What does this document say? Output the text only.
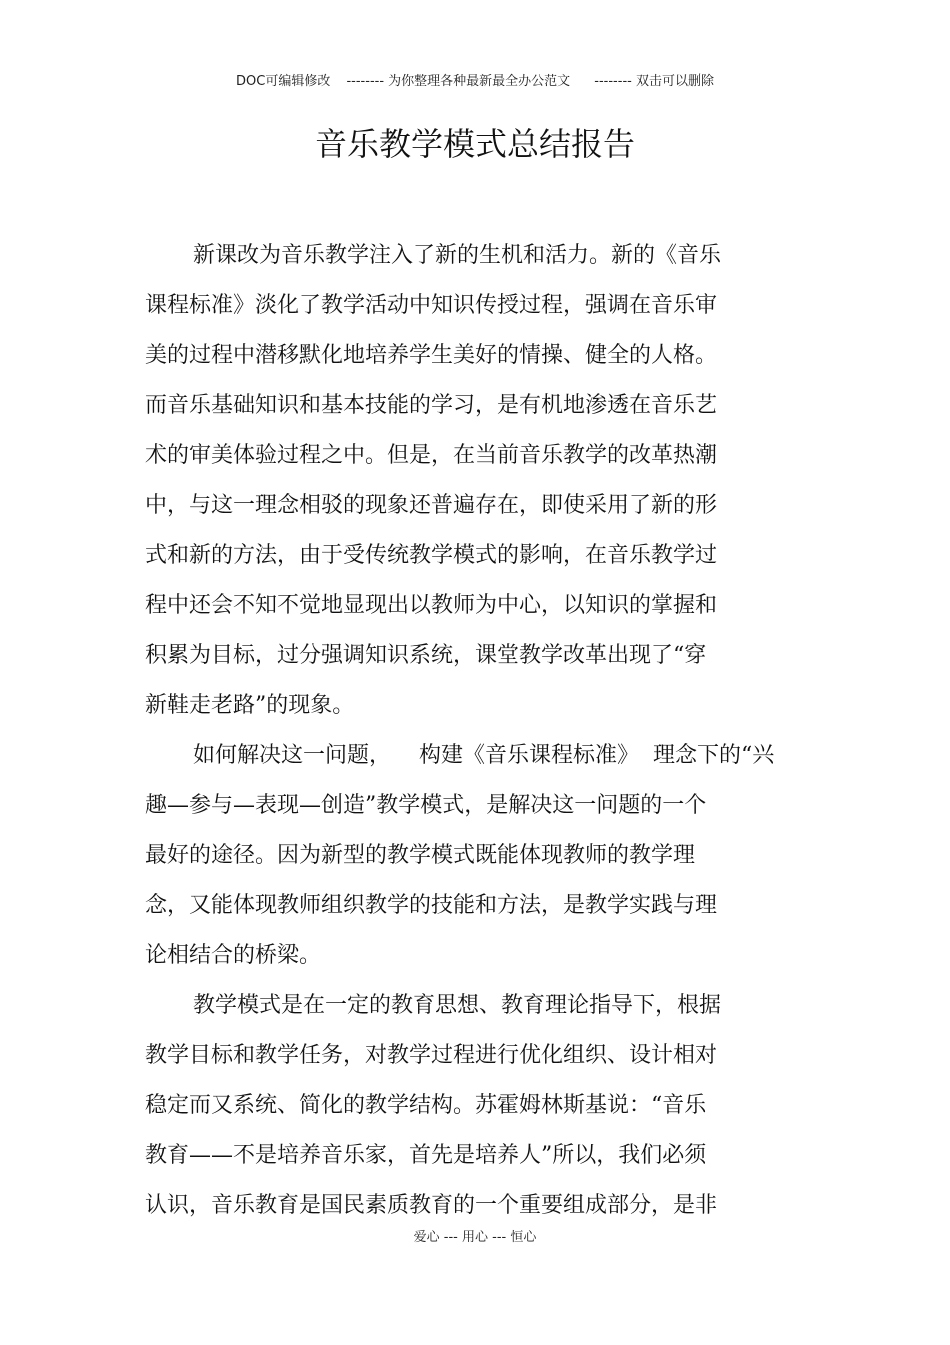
DOC可编辑修改 -------- 为你整理各种最新最全办公范文 -------- 双击可以删除
音乐教学模式总结报告
新课改为音乐教学注入了新的生机和活力。新的《音乐
课程标准》淡化了教学活动中知识传授过程，强调在音乐审
美的过程中潜移默化地培养学生美好的情操、健全的人格。
而音乐基础知识和基本技能的学习，是有机地渗透在音乐艺
术的审美体验过程之中。但是，在当前音乐教学的改革热潮
中，与这一理念相驳的现象还普遍存在，即使采用了新的形
式和新的方法，由于受传统教学模式的影响，在音乐教学过
程中还会不知不觉地显现出以教师为中心，以知识的掌握和
积累为目标，过分强调知识系统，课堂教学改革出现了“穿
新鞋走老路”的现象。
如何解决这一问题，    构建《音乐课程标准》  理念下的“兴
趣—参与—表现—创造”教学模式，是解决这一问题的一个
最好的途径。因为新型的教学模式既能体现教师的教学理
念，又能体现教师组织教学的技能和方法，是教学实践与理
论相结合的桥梁。
教学模式是在一定的教育思想、教育理论指导下，根据
教学目标和教学任务，对教学过程进行优化组织、设计相对
稳定而又系统、简化的教学结构。苏霍姆林斯基说：“音乐
教育——不是培养音乐家，首先是培养人”所以，我们必须
认识，音乐教育是国民素质教育的一个重要组成部分，是非
爱心 --- 用心 --- 恒心
